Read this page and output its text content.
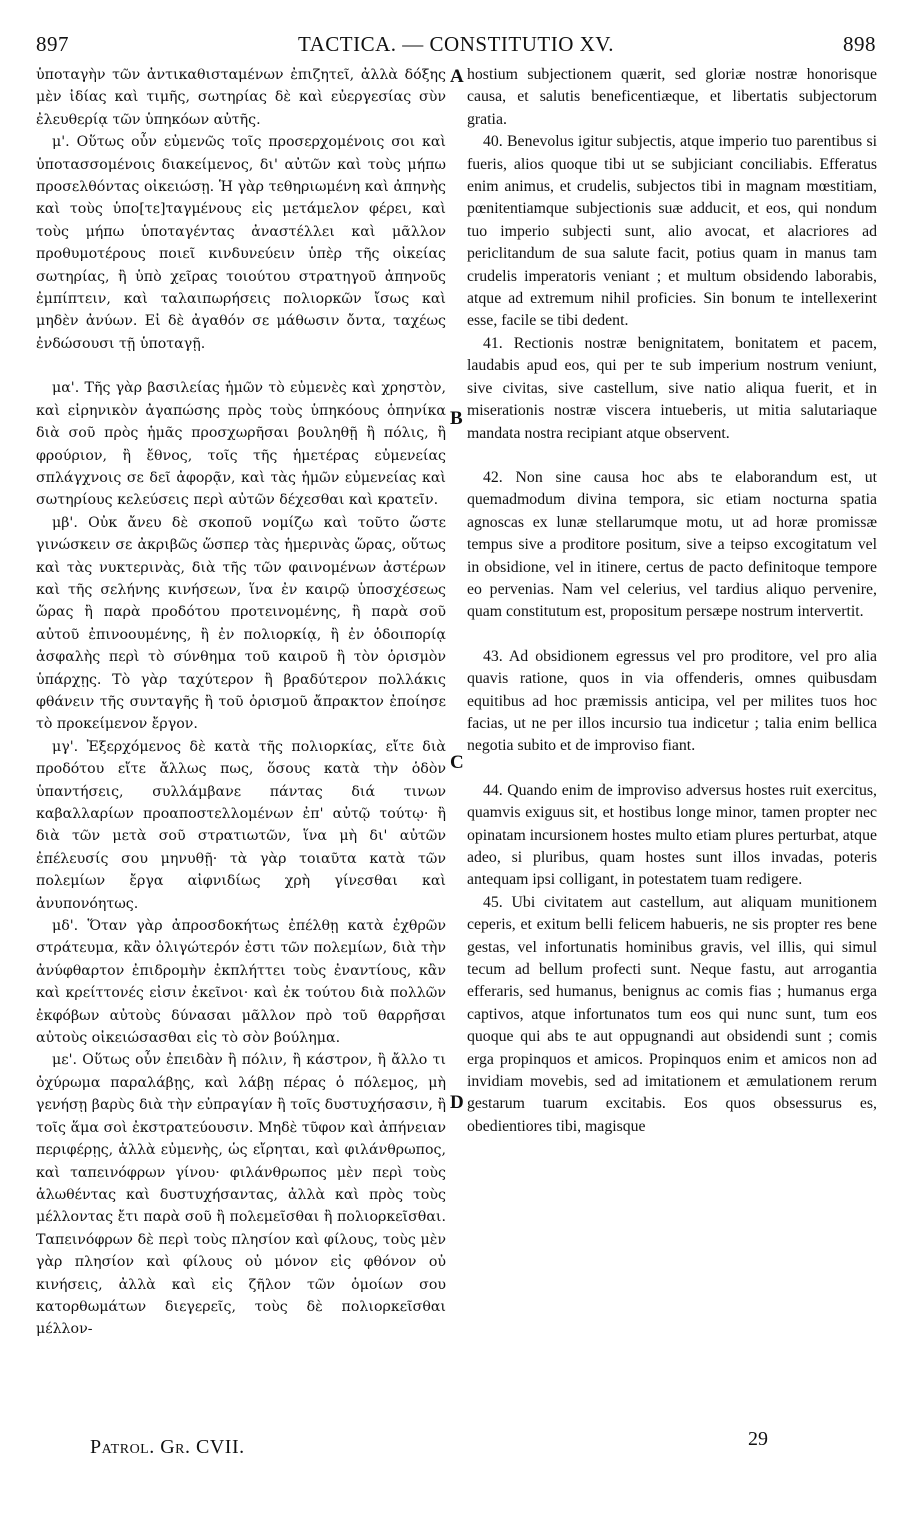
897	TACTICA. — CONSTITUTIO XV.	898

ὑποταγὴν τῶν ἀντικαθισταμένων ἐπιζητεῖ, ἀλλὰ δόξης μὲν ἰδίας καὶ τιμῆς, σωτηρίας δὲ καὶ εὐεργεσίας σὺν ἐλευθερίᾳ τῶν ὑπηκόων αὐτῆς.

μ'. Οὕτως οὖν εὐμενῶς τοῖς προσερχομένοις σοι καὶ ὑποτασσομένοις διακείμενος, δι' αὐτῶν καὶ τοὺς μήπω προσελθόντας οἰκειώσῃ. Ἡ γὰρ τεθηριωμένη καὶ ἀπηνὴς καὶ τοὺς ὑπο[τε]ταγμένους εἰς μετάμελον φέρει, καὶ τοὺς μήπω ὑποταγέντας ἀναστέλλει καὶ μᾶλλον προθυμοτέρους ποιεῖ κινδυνεύειν ὑπὲρ τῆς οἰκείας σωτηρίας, ἢ ὑπὸ χεῖρας τοιούτου στρατηγοῦ ἀπηνοῦς ἐμπίπτειν, καὶ ταλαιπωρήσεις πολιορκῶν ἴσως καὶ μηδὲν ἀνύων. Εἰ δὲ ἀγαθόν σε μάθωσιν ὄντα, ταχέως ἐνδώσουσι τῇ ὑποταγῇ.

μα'. Τῆς γὰρ βασιλείας ἡμῶν τὸ εὐμενὲς καὶ χρηστὸν, καὶ εἰρηνικὸν ἀγαπώσης πρὸς τοὺς ὑπηκόους ὁπηνίκα διὰ σοῦ πρὸς ἡμᾶς προσχωρῆσαι βουληθῇ ἢ πόλις, ἢ φρούριον, ἢ ἔθνος, τοῖς τῆς ἡμετέρας εὐμενείας σπλάγχνοις σε δεῖ ἀφορᾷν, καὶ τὰς ἡμῶν εὐμενείας καὶ σωτηρίους κελεύσεις περὶ αὐτῶν δέχεσθαι καὶ κρατεῖν.

μβ'. Οὐκ ἄνευ δὲ σκοποῦ νομίζω καὶ τοῦτο ὥστε γινώσκειν σε ἀκριβῶς ὥσπερ τὰς ἡμερινὰς ὥρας, οὕτως καὶ τὰς νυκτερινὰς, διὰ τῆς τῶν φαινομένων ἀστέρων καὶ τῆς σελήνης κινήσεων, ἵνα ἐν καιρῷ ὑποσχέσεως ὥρας ἢ παρὰ προδότου προτεινομένης, ἢ παρὰ σοῦ αὐτοῦ ἐπινοουμένης, ἢ ἐν πολιορκίᾳ, ἢ ἐν ὁδοιπορίᾳ ἀσφαλὴς περὶ τὸ σύνθημα τοῦ καιροῦ ἢ τὸν ὁρισμὸν ὑπάρχῃς. Τὸ γὰρ ταχύτερον ἢ βραδύτερον πολλάκις φθάνειν τῆς συνταγῆς ἢ τοῦ ὁρισμοῦ ἄπρακτον ἐποίησε τὸ προκείμενον ἔργον.

μγ'. Ἐξερχόμενος δὲ κατὰ τῆς πολιορκίας, εἴτε διὰ προδότου εἴτε ἄλλως πως, ὅσους κατὰ τὴν ὁδὸν ὑπαντήσεις, συλλάμβανε πάντας διά τινων καβαλλαρίων προαποστελλομένων ἐπ' αὐτῷ τούτῳ· ἢ διὰ τῶν μετὰ σοῦ στρατιωτῶν, ἵνα μὴ δι' αὐτῶν ἐπέλευσίς σου μηνυθῇ· τὰ γὰρ τοιαῦτα κατὰ τῶν πολεμίων ἔργα αἰφνιδίως χρὴ γίνεσθαι καὶ ἀνυπονόητως.

μδ'. Ὅταν γὰρ ἀπροσδοκήτως ἐπέλθῃ κατὰ ἐχθρῶν στράτευμα, κἂν ὀλιγώτερόν ἐστι τῶν πολεμίων, διὰ τὴν ἀνύφθαρτον ἐπιδρομὴν ἐκπλήττει τοὺς ἐναντίους, κἂν καὶ κρείττονές εἰσιν ἐκεῖνοι· καὶ ἐκ τούτου διὰ πολλῶν ἐκφόβων αὐτοὺς δύνασαι μᾶλλον πρὸ τοῦ θαρρῆσαι αὐτοὺς οἰκειώσασθαι εἰς τὸ σὸν βούλημα.

με'. Οὕτως οὖν ἐπειδὰν ἢ πόλιν, ἢ κάστρον, ἢ ἄλλο τι ὀχύρωμα παραλάβῃς, καὶ λάβῃ πέρας ὁ πόλεμος, μὴ γενήσῃ βαρὺς διὰ τὴν εὐπραγίαν ἢ τοῖς δυστυχήσασιν, ἢ τοῖς ἅμα σοὶ ἐκστρατεύουσιν. Μηδὲ τῦφον καὶ ἀπήνειαν περιφέρῃς, ἀλλὰ εὐμενὴς, ὡς εἴρηται, καὶ φιλάνθρωπος, καὶ ταπεινόφρων γίνου· φιλάνθρωπος μὲν περὶ τοὺς ἁλωθέντας καὶ δυστυχήσαντας, ἀλλὰ καὶ πρὸς τοὺς μέλλοντας ἔτι παρὰ σοῦ ἢ πολεμεῖσθαι ἢ πολιορκεῖσθαι. Ταπεινόφρων δὲ περὶ τοὺς πλησίον καὶ φίλους, τοὺς μὲν γὰρ πλησίον καὶ φίλους οὐ μόνον εἰς φθόνον οὐ κινήσεις, ἀλλὰ καὶ εἰς ζῆλον τῶν ὁμοίων σου κατορθωμάτων διεγερεῖς, τοὺς δὲ πολιορκεῖσθαι μέλλον-

hostium subjectionem quærit, sed gloriæ nostræ honorisque causa, et salutis beneficentiæque, et libertatis subjectorum gratia.

40. Benevolus igitur subjectis, atque imperio tuo parentibus si fueris, alios quoque tibi ut se subjiciant conciliabis. Efferatus enim animus, et crudelis, subjectos tibi in magnam mœstitiam, pœnitentiamque subjectionis suæ adducit, et eos, qui nondum tuo imperio subjecti sunt, alio avocat, et alacriores ad periclitandum de sua salute facit, potius quam in manus tam crudelis imperatoris veniant ; et multum obsidendo laborabis, atque ad extremum nihil proficies. Sin bonum te intellexerint esse, facile se tibi dedent.

41. Rectionis nostræ benignitatem, bonitatem et pacem, laudabis apud eos, qui per te sub imperium nostrum veniunt, sive civitas, sive castellum, sive natio aliqua fuerit, et in miserationis nostræ viscera intueberis, ut mitia salutariaque mandata nostra recipiant atque observent.

42. Non sine causa hoc abs te elaborandum est, ut quemadmodum divina tempora, sic etiam nocturna spatia agnoscas ex lunæ stellarumque motu, ut ad horæ promissæ tempus sive a proditore positum, sive a teipso excogitatum vel in obsidione, vel in itinere, certus de pacto definitoque tempore eo pervenias. Nam vel celerius, vel tardius aliquo pervenire, quam constitutum est, propositum persæpe nostrum intervertit.

43. Ad obsidionem egressus vel pro proditore, vel pro alia quavis ratione, quos in via offenderis, omnes quibusdam equitibus ad hoc præmissis anticipa, vel per milites tuos hoc facias, ut ne per illos incursio tua indicetur ; talia enim bellica negotia subito et de improviso fiant.

44. Quando enim de improviso adversus hostes ruit exercitus, quamvis exiguus sit, et hostibus longe minor, tamen propter nec opinatam incursionem hostes multo etiam plures perturbat, atque adeo, si pluribus, quam hostes sunt illos invadas, poteris antequam ipsi colligant, in potestatem tuam redigere.

45. Ubi civitatem aut castellum, aut aliquam munitionem ceperis, et exitum belli felicem habueris, ne sis propter res bene gestas, vel infortunatis hominibus gravis, vel illis, qui simul tecum ad bellum profecti sunt. Neque fastu, aut arrogantia efferaris, sed humanus, benignus ac comis fias ; humanus erga captivos, atque infortunatos tum eos qui nunc sunt, tum eos quoque qui abs te aut oppugnandi aut obsidendi sunt ; comis erga propinquos et amicos. Propinquos enim et amicos non ad invidiam movebis, sed ad imitationem et æmulationem rerum gestarum tuarum excitabis. Eos quos obsessurus es, obedientiores tibi, magisque

A
B
C
D
Patrol. Gr. CVII.	29
